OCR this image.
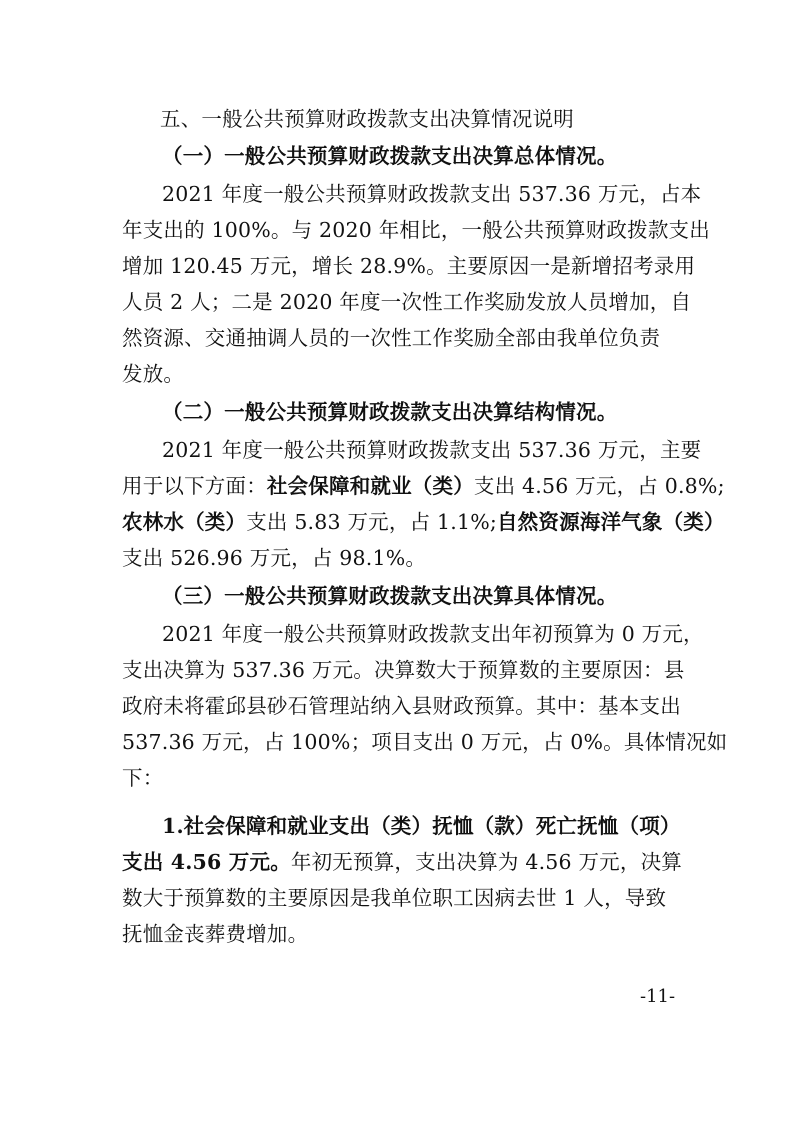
五、一般公共预算财政拨款支出决算情况说明
（一）一般公共预算财政拨款支出决算总体情况。
2021 年度一般公共预算财政拨款支出 537.36 万元，占本
年支出的 100%。与 2020 年相比，一般公共预算财政拨款支出
增加 120.45 万元，增长 28.9%。主要原因一是新增招考录用
人员 2 人；二是 2020 年度一次性工作奖励发放人员增加，自
然资源、交通抽调人员的一次性工作奖励全部由我单位负责
发放。
（二）一般公共预算财政拨款支出决算结构情况。
2021 年度一般公共预算财政拨款支出 537.36 万元，主要
用于以下方面：社会保障和就业（类）支出 4.56 万元，占 0.8%;
农林水（类）支出 5.83 万元，占 1.1%;自然资源海洋气象（类）
支出 526.96 万元，占 98.1%。
（三）一般公共预算财政拨款支出决算具体情况。
2021 年度一般公共预算财政拨款支出年初预算为 0 万元，
支出决算为 537.36 万元。决算数大于预算数的主要原因：县
政府未将霍邱县砂石管理站纳入县财政预算。其中：基本支出
537.36 万元，占 100%；项目支出 0 万元，占 0%。具体情况如
下：
1.社会保障和就业支出（类）抚恤（款）死亡抚恤（项）
支出 4.56 万元。年初无预算，支出决算为 4.56 万元，决算
数大于预算数的主要原因是我单位职工因病去世 1 人，导致
抚恤金丧葬费增加。
-11-
